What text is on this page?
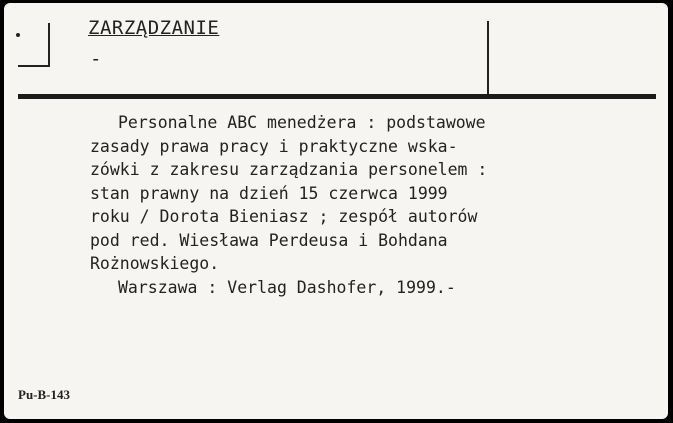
ZARZĄDZANIE
-
Personalne ABC menedżera : podstawowe
zasady prawa pracy i praktyczne wska-
zówki z zakresu zarządzania personelem :
stan prawny na dzień 15 czerwca 1999
roku / Dorota Bieniasz ; zespół autorów
pod red. Wiesława Perdeusa i Bohdana
Rożnowskiego.
Warszawa : Verlag Dashofer, 1999.-
Pu-B-143
